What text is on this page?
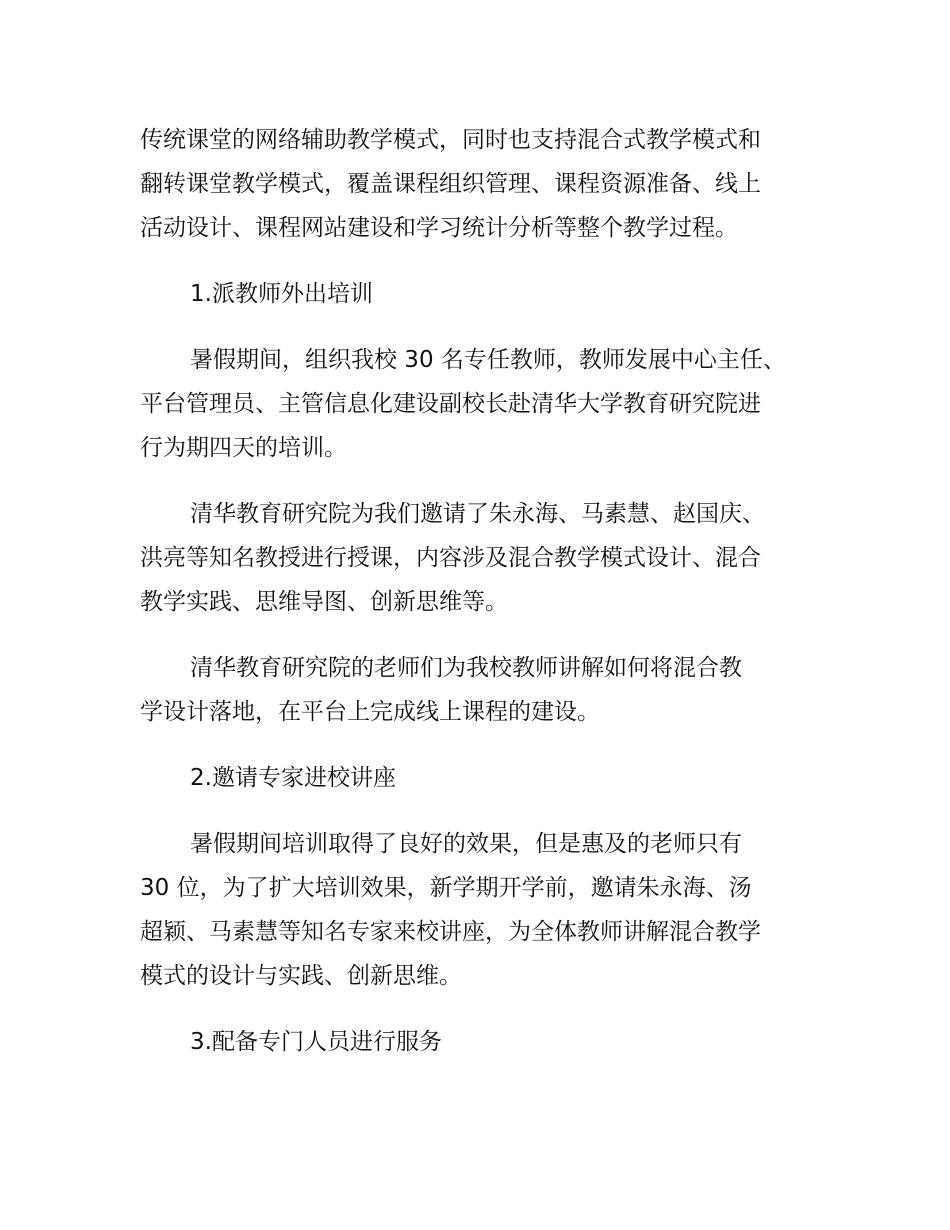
传统课堂的网络辅助教学模式，同时也支持混合式教学模式和
翻转课堂教学模式，覆盖课程组织管理、课程资源准备、线上
活动设计、课程网站建设和学习统计分析等整个教学过程。
1.派教师外出培训
暑假期间，组织我校 30 名专任教师，教师发展中心主任、
平台管理员、主管信息化建设副校长赴清华大学教育研究院进
行为期四天的培训。
清华教育研究院为我们邀请了朱永海、马素慧、赵国庆、
洪亮等知名教授进行授课，内容涉及混合教学模式设计、混合
教学实践、思维导图、创新思维等。
清华教育研究院的老师们为我校教师讲解如何将混合教
学设计落地，在平台上完成线上课程的建设。
2.邀请专家进校讲座
暑假期间培训取得了良好的效果，但是惠及的老师只有
30 位，为了扩大培训效果，新学期开学前，邀请朱永海、汤
超颖、马素慧等知名专家来校讲座，为全体教师讲解混合教学
模式的设计与实践、创新思维。
3.配备专门人员进行服务
